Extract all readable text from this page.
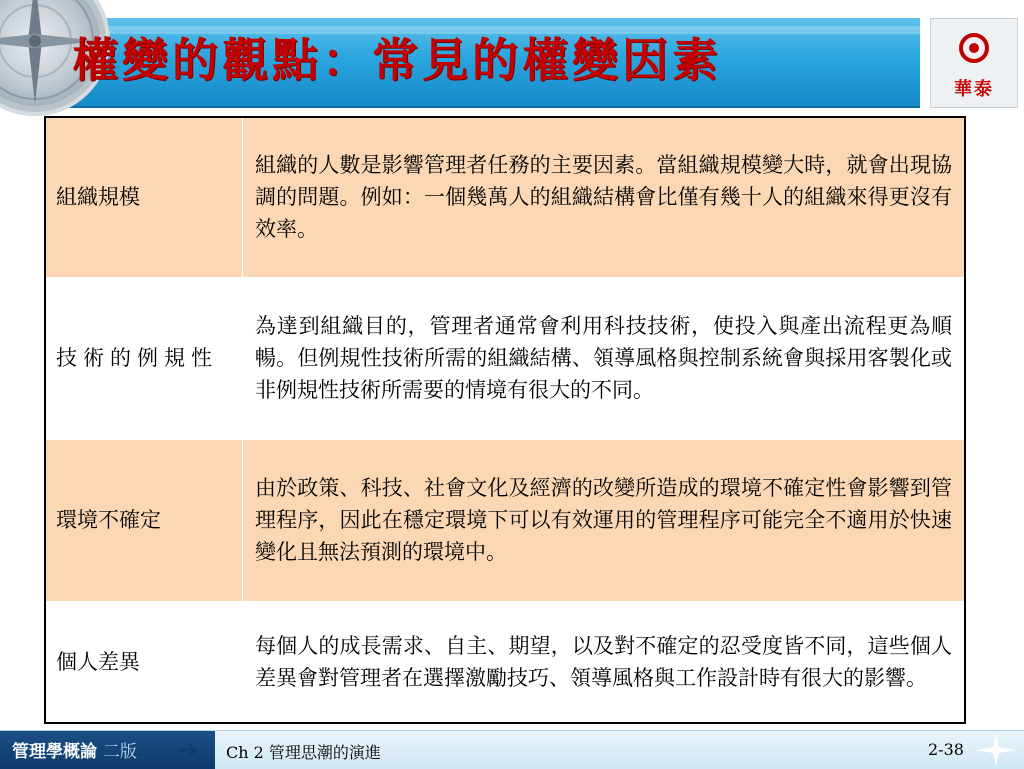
權變的觀點：常見的權變因素
華泰
組織規模	組織的人數是影響管理者任務的主要因素。當組織規模變大時，就會出現協調的問題。例如：一個幾萬人的組織結構會比僅有幾十人的組織來得更沒有效率。
技術的例規性	為達到組織目的，管理者通常會利用科技技術，使投入與產出流程更為順暢。但例規性技術所需的組織結構、領導風格與控制系統會與採用客製化或非例規性技術所需要的情境有很大的不同。
環境不確定	由於政策、科技、社會文化及經濟的改變所造成的環境不確定性會影響到管理程序，因此在穩定環境下可以有效運用的管理程序可能完全不適用於快速變化且無法預測的環境中。
個人差異	每個人的成長需求、自主、期望，以及對不確定的忍受度皆不同，這些個人差異會對管理者在選擇激勵技巧、領導風格與工作設計時有很大的影響。
管理學概論 二版	Ch 2 管理思潮的演進	2-38
